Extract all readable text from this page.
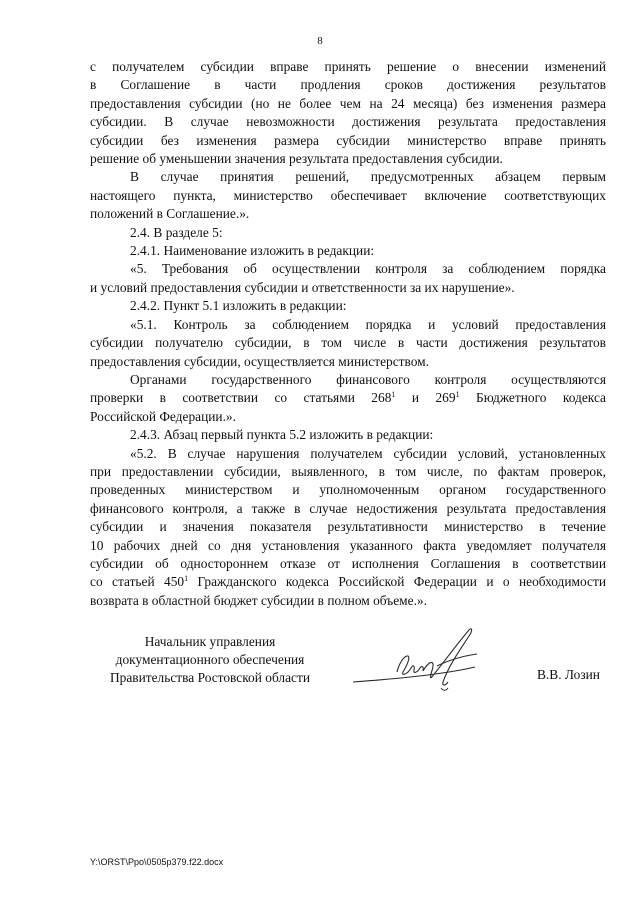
8

с получателем субсидии вправе принять решение о внесении изменений

в Соглашение в части продления сроков достижения результатов

предоставления субсидии (но не более чем на 24 месяца) без изменения размера

субсидии. В случае невозможности достижения результата предоставления

субсидии без изменения размера субсидии министерство вправе принять

решение об уменьшении значения результата предоставления субсидии.

В случае принятия решений, предусмотренных абзацем первым

настоящего пункта, министерство обеспечивает включение соответствующих

положений в Соглашение.».

2.4. В разделе 5:

2.4.1. Наименование изложить в редакции:

«5. Требования об осуществлении контроля за соблюдением порядка

и условий предоставления субсидии и ответственности за их нарушение».

2.4.2. Пункт 5.1 изложить в редакции:

«5.1. Контроль за соблюдением порядка и условий предоставления

субсидии получателю субсидии, в том числе в части достижения результатов

предоставления субсидии, осуществляется министерством.

Органами государственного финансового контроля осуществляются

проверки в соответствии со статьями $268^1$ и $269^1$ Бюджетного кодекса

Российской Федерации.».

2.4.3. Абзац первый пункта 5.2 изложить в редакции:

«5.2. В случае нарушения получателем субсидии условий, установленных

при предоставлении субсидии, выявленного, в том числе, по фактам проверок,

проведенных министерством и уполномоченным органом государственного

финансового контроля, а также в случае недостижения результата предоставления

субсидии и значения показателя результативности министерство в течение

10 рабочих дней со дня установления указанного факта уведомляет получателя

субсидии об одностороннем отказе от исполнения Соглашения в соответствии

со статьей $450^1$ Гражданского кодекса Российской Федерации и о необходимости

возврата в областной бюджет субсидии в полном объеме.».

Начальник управления
документационного обеспечения
Правительства Ростовской области	В.В. Лозин
Y:\ORST\Ppo\0505p379.f22.docx
